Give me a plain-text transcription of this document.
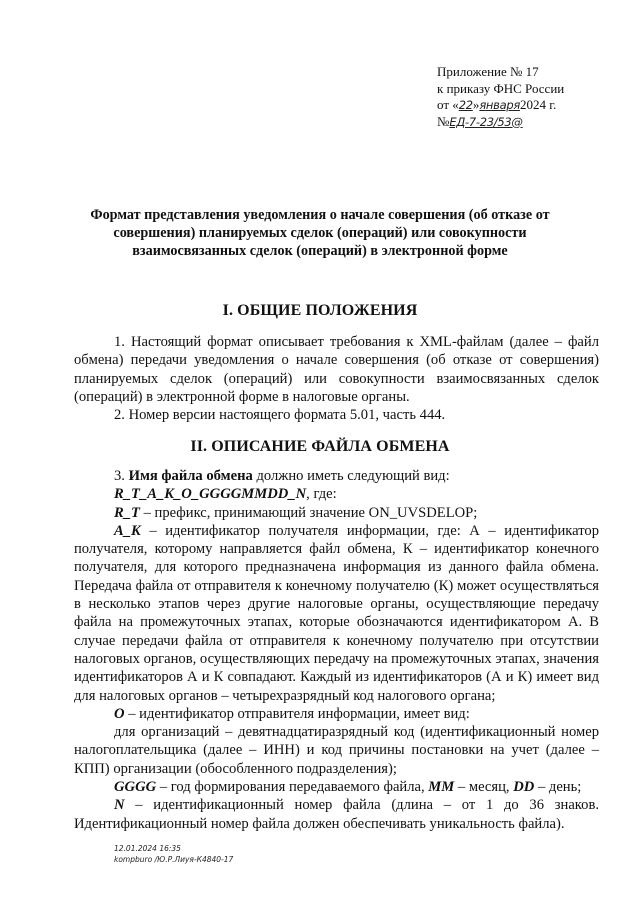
Приложение № 17
к приказу ФНС России
от «22»января2024 г.
№ЕД-7-23/53@
Формат представления уведомления о начале совершения (об отказе от совершения) планируемых сделок (операций) или совокупности взаимосвязанных сделок (операций) в электронной форме
I. ОБЩИЕ ПОЛОЖЕНИЯ

1. Настоящий формат описывает требования к XML-файлам (далее – файл обмена) передачи уведомления о начале совершения (об отказе от совершения) планируемых сделок (операций) или совокупности взаимосвязанных сделок (операций) в электронной форме в налоговые органы.

2. Номер версии настоящего формата 5.01, часть 444.

II. ОПИСАНИЕ ФАЙЛА ОБМЕНА

3. Имя файла обмена должно иметь следующий вид:

R_T_A_K_O_GGGGMMDD_N, где:

R_T – префикс, принимающий значение ON_UVSDELOP;

A_K – идентификатор получателя информации, где: А – идентификатор получателя, которому направляется файл обмена, К – идентификатор конечного получателя, для которого предназначена информация из данного файла обмена. Передача файла от отправителя к конечному получателю (К) может осуществляться в несколько этапов через другие налоговые органы, осуществляющие передачу файла на промежуточных этапах, которые обозначаются идентификатором А. В случае передачи файла от отправителя к конечному получателю при отсутствии налоговых органов, осуществляющих передачу на промежуточных этапах, значения идентификаторов А и К совпадают. Каждый из идентификаторов (А и К) имеет вид для налоговых органов – четырехразрядный код налогового органа;

O – идентификатор отправителя информации, имеет вид:

для организаций – девятнадцатиразрядный код (идентификационный номер налогоплательщика (далее – ИНН) и код причины постановки на учет (далее – КПП) организации (обособленного подразделения);

GGGG – год формирования передаваемого файла, MM – месяц, DD – день;

N – идентификационный номер файла (длина – от 1 до 36 знаков. Идентификационный номер файла должен обеспечивать уникальность файла).

12.01.2024 16:35
kompburo /Ю.Р.Лиуя-К4840-17
